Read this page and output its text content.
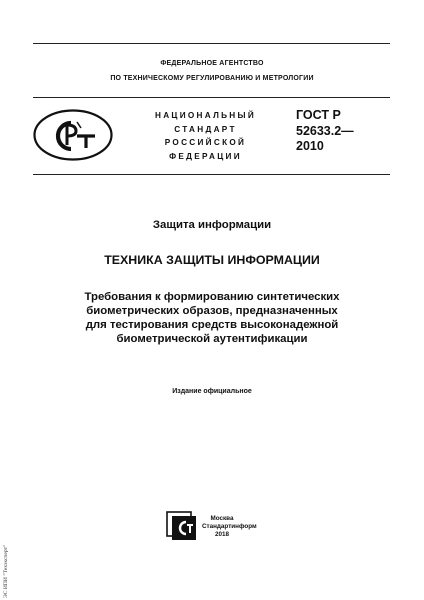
ФЕДЕРАЛЬНОЕ АГЕНТСТВО
ПО ТЕХНИЧЕСКОМУ РЕГУЛИРОВАНИЮ И МЕТРОЛОГИИ
НАЦИОНАЛЬНЫЙ
СТАНДАРТ
РОССИЙСКОЙ
ФЕДЕРАЦИИ
ГОСТ Р
52633.2—
2010
Защита информации
ТЕХНИКА ЗАЩИТЫ ИНФОРМАЦИИ
Требования к формированию синтетических
биометрических образов, предназначенных
для тестирования средств высоконадежной
биометрической аутентификации
Издание официальное
Москва
Стандартинформ
2018
ЭС ИПИ "Техэксперт"
